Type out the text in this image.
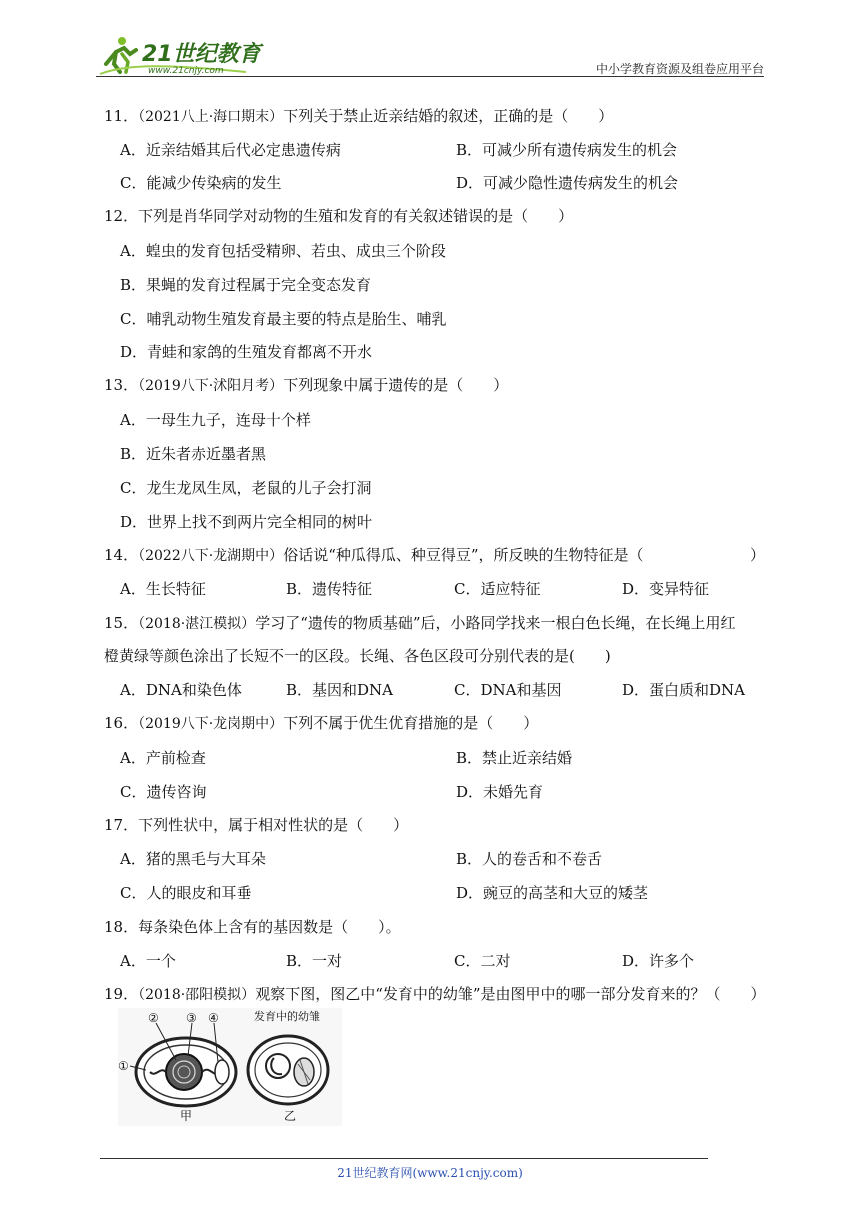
21世纪教育
www.21cnjy.com	中小学教育资源及组卷应用平台
11．（2021八上·海口期末）下列关于禁止近亲结婚的叙述，正确的是（　　）
A．近亲结婚其后代必定患遗传病	B．可减少所有遗传病发生的机会
C．能减少传染病的发生	D．可减少隐性遗传病发生的机会
12．下列是肖华同学对动物的生殖和发育的有关叙述错误的是（　　）
A．蝗虫的发育包括受精卵、若虫、成虫三个阶段
B．果蝇的发育过程属于完全变态发育
C．哺乳动物生殖发育最主要的特点是胎生、哺乳
D．青蛙和家鸽的生殖发育都离不开水
13．（2019八下·沭阳月考）下列现象中属于遗传的是（　　）
A．一母生九子，连母十个样
B．近朱者赤近墨者黑
C．龙生龙凤生凤，老鼠的儿子会打洞
D．世界上找不到两片完全相同的树叶
14．（2022八下·龙湖期中）俗话说“种瓜得瓜、种豆得豆”，所反映的生物特征是（	）
A．生长特征	B．遗传特征	C．适应特征	D．变异特征
15．（2018·湛江模拟）学习了“遗传的物质基础”后，小路同学找来一根白色长绳，在长绳上用红
橙黄绿等颜色涂出了长短不一的区段。长绳、各色区段可分别代表的是(　　)
A．DNA和染色体	B．基因和DNA	C．DNA和基因	D．蛋白质和DNA
16．（2019八下·龙岗期中）下列不属于优生优育措施的是（　　）
A．产前检查	B．禁止近亲结婚
C．遗传咨询	D．未婚先育
17．下列性状中，属于相对性状的是（　　）
A．猪的黑毛与大耳朵	B．人的卷舌和不卷舌
C．人的眼皮和耳垂	D．豌豆的高茎和大豆的矮茎
18．每条染色体上含有的基因数是（　　）。
A．一个	B．一对	C．二对	D．许多个
19．（2018·邵阳模拟）观察下图，图乙中“发育中的幼雏”是由图甲中的哪一部分发育来的？（　　）
② ③ ④
①
发育中的幼雏
甲	乙
21世纪教育网(www.21cnjy.com)
